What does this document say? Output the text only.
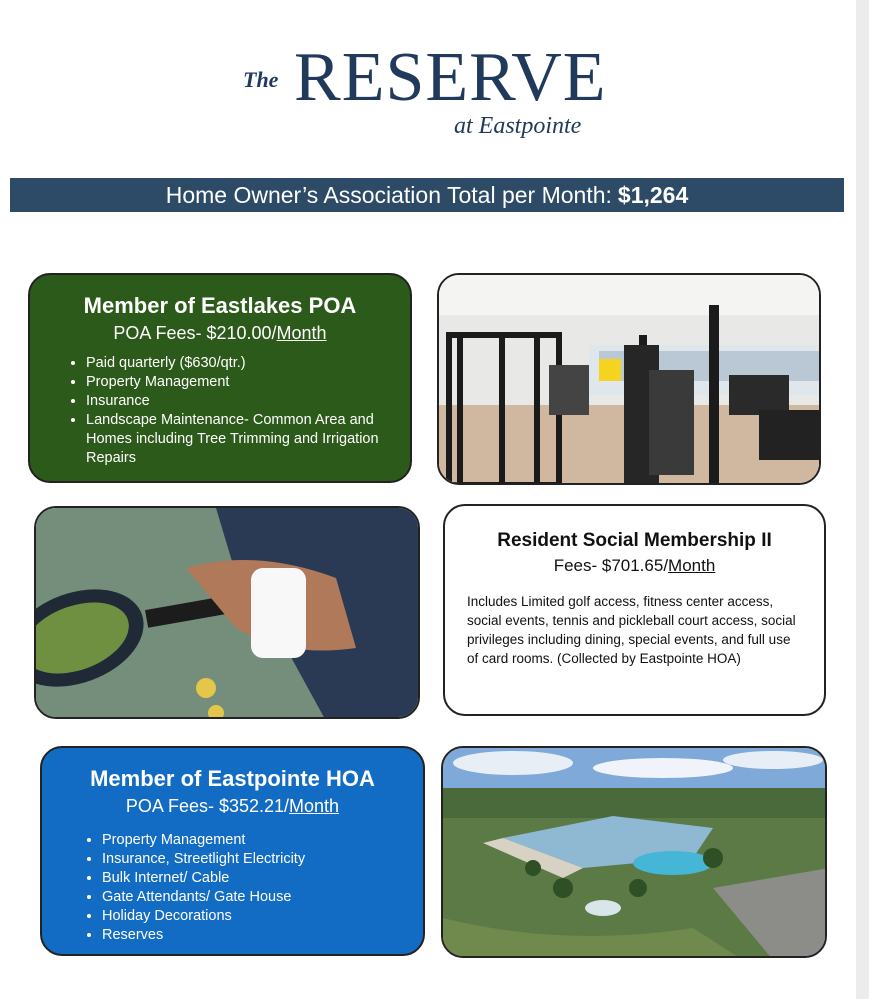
The RESERVE
at Eastpointe
Home Owner’s Association Total per Month: $1,264
Member of Eastlakes POA
POA Fees- $210.00/Month
• Paid quarterly ($630/qtr.)
• Property Management
• Insurance
• Landscape Maintenance- Common Area and Homes including Tree Trimming and Irrigation Repairs
Resident Social Membership II
Fees- $701.65/Month

Includes Limited golf access, fitness center access, social events, tennis and pickleball court access, social privileges including dining, special events, and full use of card rooms. (Collected by Eastpointe HOA)

Member of Eastpointe HOA
POA Fees- $352.21/Month
• Property Management
• Insurance, Streetlight Electricity
• Bulk Internet/ Cable
• Gate Attendants/ Gate House
• Holiday Decorations
• Reserves
